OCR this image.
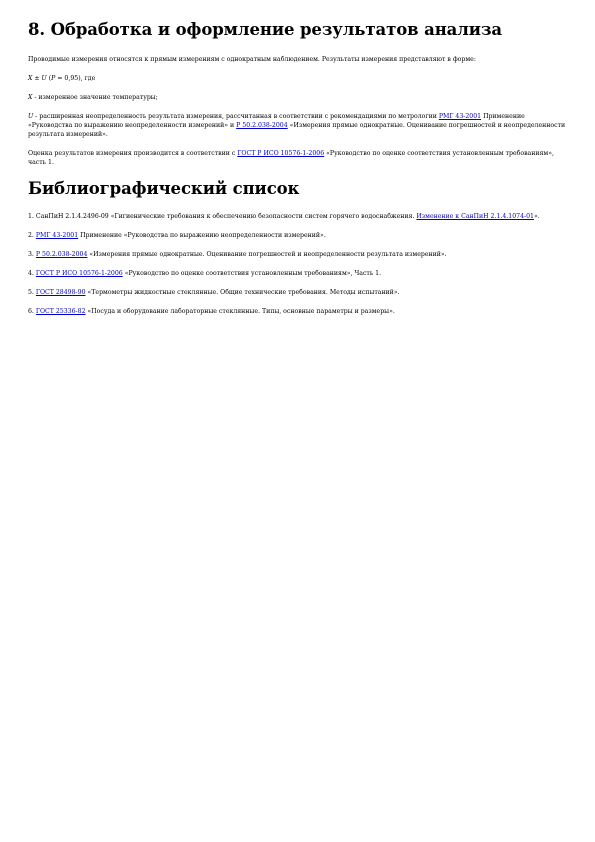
8. Обработка и оформление результатов анализа

Проводимые измерения относятся к прямым измерениям с однократным наблюдением. Результаты измерения представляют в форме:

X ± U (P = 0,95), где

X - измеренное значение температуры;

U - расширенная неопределенность результата измерения, рассчитанная в соответствии с рекомендациями по метрологии РМГ 43-2001 Применение «Руководства по выражению неопределенности измерений» и Р 50.2.038-2004 «Измерения прямые однократные. Оценивание погрешностей и неопределенности результата измерений».

Оценка результатов измерения производится в соответствии с ГОСТ Р ИСО 10576-1-2006 «Руководство по оценке соответствия установленным требованиям», часть 1.

Библиографический список

1. СанПиН 2.1.4.2496-09 «Гигиенические требования к обеспечению безопасности систем горячего водоснабжения. Изменение к СанПиН 2.1.4.1074-01».

2. РМГ 43-2001 Применение «Руководства по выражению неопределенности измерений».

3. Р 50.2.038-2004 «Измерения прямые однократные. Оценивание погрешностей и неопределенности результата измерений».

4. ГОСТ Р ИСО 10576-1-2006 «Руководство по оценке соответствия установленным требованиям», Часть 1.

5. ГОСТ 28498-90 «Термометры жидкостные стеклянные. Общие технические требования. Методы испытаний».

6. ГОСТ 25336-82 «Посуда и оборудование лабораторные стеклянные. Типы, основные параметры и размеры».
